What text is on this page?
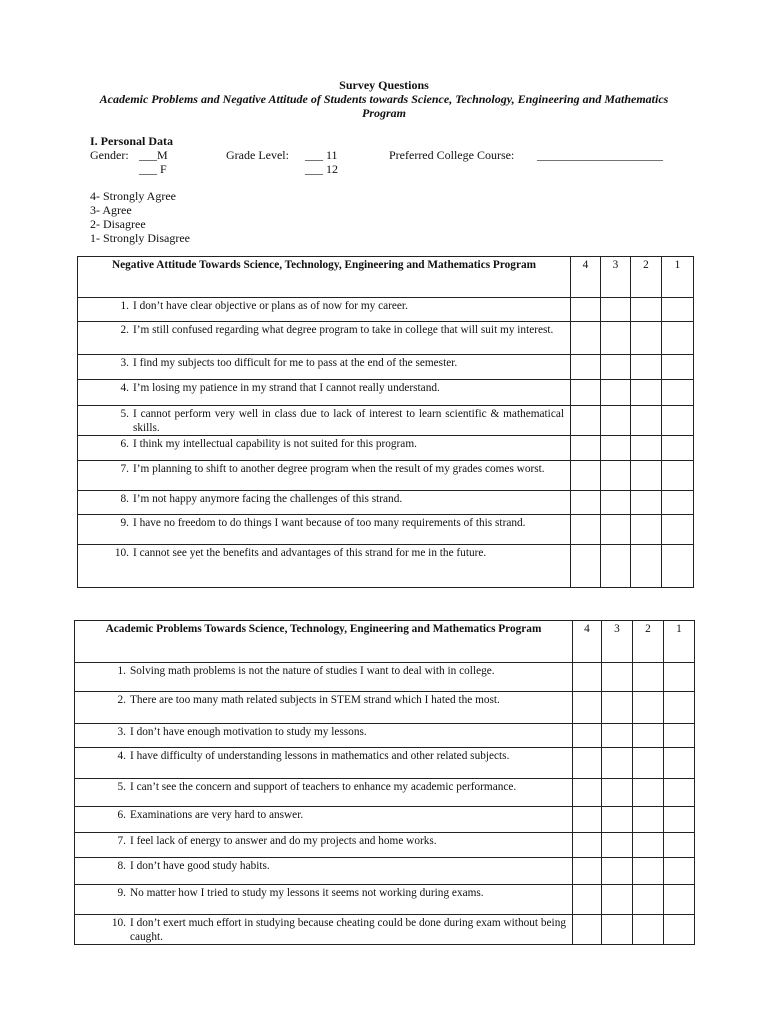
Survey Questions
Academic Problems and Negative Attitude of Students towards Science, Technology, Engineering and Mathematics Program
I. Personal Data
Gender: ___M
___ F
Grade Level: ___ 11
___ 12
Preferred College Course: _____________________
4- Strongly Agree
3- Agree
2- Disagree
1- Strongly Disagree
Negative Attitude Towards Science, Technology, Engineering and Mathematics Program	4	3	2	1

1. I don’t have clear objective or plans as of now for my career.				

2. I’m still confused regarding what degree program to take in college that will suit my interest.				

3. I find my subjects too difficult for me to pass at the end of the semester.				

4. I’m losing my patience in my strand that I cannot really understand.				

5. I cannot perform very well in class due to lack of interest to learn scientific & mathematical skills.				

6. I think my intellectual capability is not suited for this program.				

7. I’m planning to shift to another degree program when the result of my grades comes worst.				

8. I’m not happy anymore facing the challenges of this strand.				

9. I have no freedom to do things I want because of too many requirements of this strand.				

10. I cannot see yet the benefits and advantages of this strand for me in the future.				

Academic Problems Towards Science, Technology, Engineering and Mathematics Program	4	3	2	1

1. Solving math problems is not the nature of studies I want to deal with in college.				

2. There are too many math related subjects in STEM strand which I hated the most.				

3. I don’t have enough motivation to study my lessons.				

4. I have difficulty of understanding lessons in mathematics and other related subjects.				

5. I can’t see the concern and support of teachers to enhance my academic performance.				

6. Examinations are very hard to answer.				

7. I feel lack of energy to answer and do my projects and home works.				

8. I don’t have good study habits.				

9. No matter how I tried to study my lessons it seems not working during exams.				

10. I don’t exert much effort in studying because cheating could be done during exam without being caught.				
